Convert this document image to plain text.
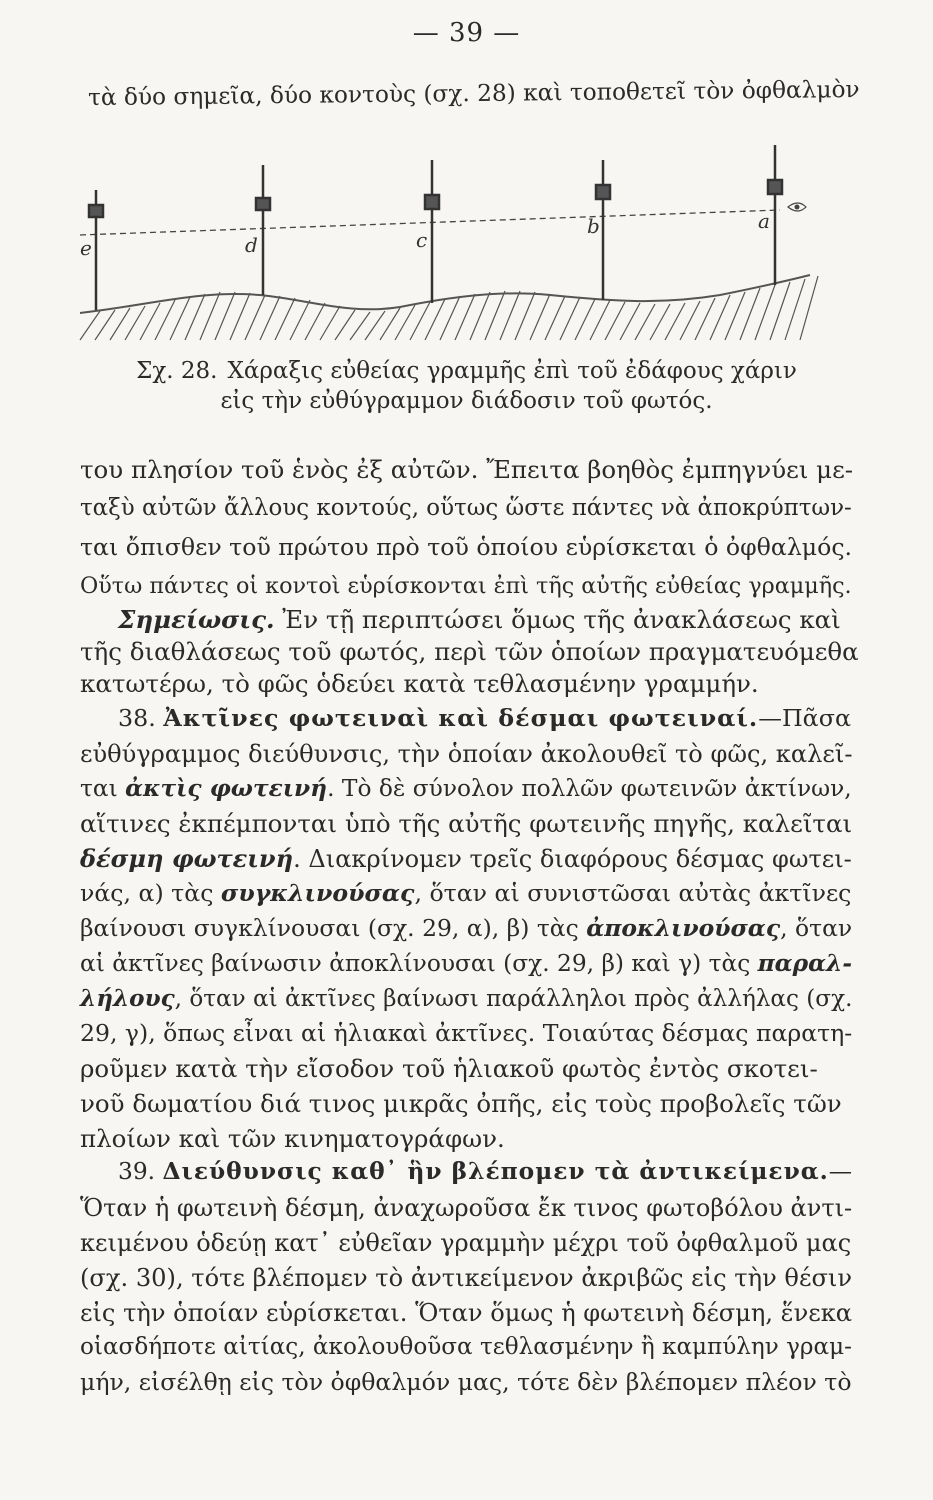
— 39 —
τὰ δύο σημεῖα, δύο κοντοὺς (σχ. 28) καὶ τοποθετεῖ τὸν ὀφθαλμὸν
e	d	c
b	a
Σχ. 28. Χάραξις εὐθείας γραμμῆς ἐπὶ τοῦ ἐδάφους χάριν
εἰς τὴν εὐθύγραμμον διάδοσιν τοῦ φωτός.
του πλησίον τοῦ ἑνὸς ἐξ αὐτῶν. Ἔπειτα βοηθὸς ἐμπηγνύει με-
ταξὺ αὐτῶν ἄλλους κοντούς, οὕτως ὥστε πάντες νὰ ἀποκρύπτων-
ται ὄπισθεν τοῦ πρώτου πρὸ τοῦ ὁποίου εὑρίσκεται ὁ ὀφθαλμός.
Οὕτω πάντες οἱ κοντοὶ εὑρίσκονται ἐπὶ τῆς αὐτῆς εὐθείας γραμμῆς.
Σημείωσις. Ἐν τῇ περιπτώσει ὅμως τῆς ἀνακλάσεως καὶ
τῆς διαθλάσεως τοῦ φωτός, περὶ τῶν ὁποίων πραγματευόμεθα
κατωτέρω, τὸ φῶς ὁδεύει κατὰ τεθλασμένην γραμμήν.
38. Ἀκτῖνες φωτειναὶ καὶ δέσμαι φωτειναί.—Πᾶσα
εὐθύγραμμος διεύθυνσις, τὴν ὁποίαν ἀκολουθεῖ τὸ φῶς, καλεῖ-
ται ἀκτὶς φωτεινή. Τὸ δὲ σύνολον πολλῶν φωτεινῶν ἀκτίνων,
αἵτινες ἐκπέμπονται ὑπὸ τῆς αὐτῆς φωτεινῆς πηγῆς, καλεῖται
δέσμη φωτεινή. Διακρίνομεν τρεῖς διαφόρους δέσμας φωτει-
νάς, α) τὰς συγκλινούσας, ὅταν αἱ συνιστῶσαι αὐτὰς ἀκτῖνες
βαίνουσι συγκλίνουσαι (σχ. 29, α), β) τὰς ἀποκλινούσας, ὅταν
αἱ ἀκτῖνες βαίνωσιν ἀποκλίνουσαι (σχ. 29, β) καὶ γ) τὰς παραλ-
λήλους, ὅταν αἱ ἀκτῖνες βαίνωσι παράλληλοι πρὸς ἀλλήλας (σχ.
29, γ), ὅπως εἶναι αἱ ἡλιακαὶ ἀκτῖνες. Τοιαύτας δέσμας παρατη-
ροῦμεν κατὰ τὴν εἴσοδον τοῦ ἡλιακοῦ φωτὸς ἐντὸς σκοτει-
νοῦ δωματίου διά τινος μικρᾶς ὀπῆς, εἰς τοὺς προβολεῖς τῶν
πλοίων καὶ τῶν κινηματογράφων.
39. Διεύθυνσις καθ᾽ ἣν βλέπομεν τὰ ἀντικείμενα.—
Ὅταν ἡ φωτεινὴ δέσμη, ἀναχωροῦσα ἔκ τινος φωτοβόλου ἀντι-
κειμένου ὁδεύῃ κατ᾽ εὐθεῖαν γραμμὴν μέχρι τοῦ ὀφθαλμοῦ μας
(σχ. 30), τότε βλέπομεν τὸ ἀντικείμενον ἀκριβῶς εἰς τὴν θέσιν
εἰς τὴν ὁποίαν εὑρίσκεται. Ὅταν ὅμως ἡ φωτεινὴ δέσμη, ἕνεκα
οἱασδήποτε αἰτίας, ἀκολουθοῦσα τεθλασμένην ἢ καμπύλην γραμ-
μήν, εἰσέλθῃ εἰς τὸν ὀφθαλμόν μας, τότε δὲν βλέπομεν πλέον τὸ
